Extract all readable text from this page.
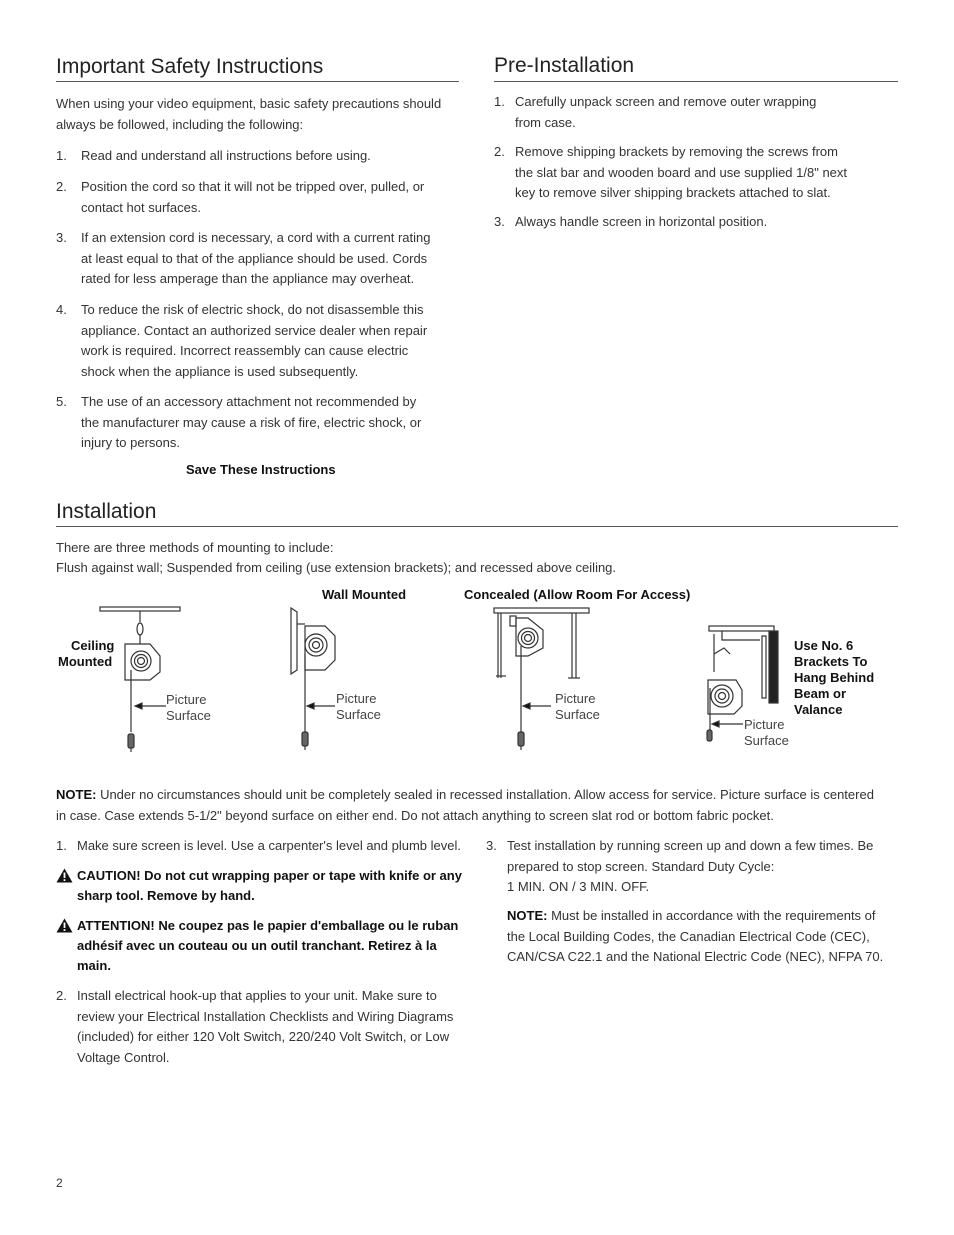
Important Safety Instructions
When using your video equipment, basic safety precautions should always be followed, including the following:
1. Read and understand all instructions before using.
2. Position the cord so that it will not be tripped over, pulled, or
contact hot surfaces.
3. If an extension cord is necessary, a cord with a current rating
at least equal to that of the appliance should be used. Cords
rated for less amperage than the appliance may overheat.
4. To reduce the risk of electric shock, do not disassemble this
appliance. Contact an authorized service dealer when repair
work is required. Incorrect reassembly can cause electric
shock when the appliance is used subsequently.
5. The use of an accessory attachment not recommended by
the manufacturer may cause a risk of fire, electric shock, or
injury to persons.
Save These Instructions
Pre-Installation
1. Carefully unpack screen and remove outer wrapping
from case.
2. Remove shipping brackets by removing the screws from
the slat bar and wooden board and use supplied 1/8" next
key to remove silver shipping brackets attached to slat.
3. Always handle screen in horizontal position.
Installation
There are three methods of mounting to include:
Flush against wall; Suspended from ceiling (use extension brackets); and recessed above ceiling.
Ceiling
Mounted
Wall Mounted	Concealed (Allow Room For Access)
Use No. 6
Brackets To
Hang Behind
Beam or
Valance
Picture
Surface
Picture
Surface
Picture
Surface
Picture
Surface
NOTE: Under no circumstances should unit be completely sealed in recessed installation. Allow access for service. Picture surface is centered
in case. Case extends 5-1/2" beyond surface on either end. Do not attach anything to screen slat rod or bottom fabric pocket.
1. Make sure screen is level. Use a carpenter's level and plumb level.
CAUTION! Do not cut wrapping paper or tape with knife or any
sharp tool. Remove by hand.
ATTENTION! Ne coupez pas le papier d'emballage ou le ruban
adhésif avec un couteau ou un outil tranchant. Retirez à la
main.
2. Install electrical hook-up that applies to your unit. Make sure to
review your Electrical Installation Checklists and Wiring Diagrams
(included) for either 120 Volt Switch, 220/240 Volt Switch, or Low
Voltage Control.
3. Test installation by running screen up and down a few times. Be
prepared to stop screen. Standard Duty Cycle:
1 MIN. ON / 3 MIN. OFF.
NOTE: Must be installed in accordance with the requirements of
the Local Building Codes, the Canadian Electrical Code (CEC),
CAN/CSA C22.1 and the National Electric Code (NEC), NFPA 70.
2
